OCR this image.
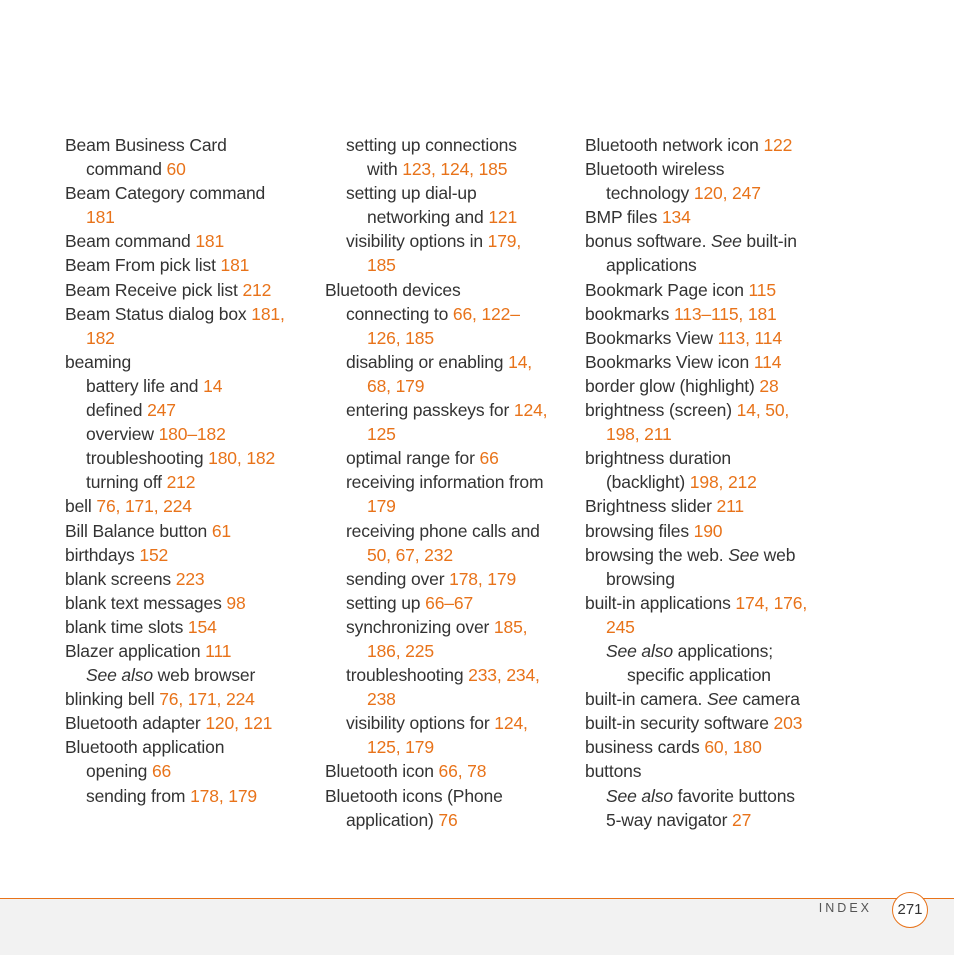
Beam Business Card
command 60
Beam Category command
181
Beam command 181
Beam From pick list 181
Beam Receive pick list 212
Beam Status dialog box 181,
182
beaming
battery life and 14
defined 247
overview 180–182
troubleshooting 180, 182
turning off 212
bell 76, 171, 224
Bill Balance button 61
birthdays 152
blank screens 223
blank text messages 98
blank time slots 154
Blazer application 111
See also web browser
blinking bell 76, 171, 224
Bluetooth adapter 120, 121
Bluetooth application
opening 66
sending from 178, 179
setting up connections
with 123, 124, 185
setting up dial-up
networking and 121
visibility options in 179,
185
Bluetooth devices
connecting to 66, 122–
126, 185
disabling or enabling 14,
68, 179
entering passkeys for 124,
125
optimal range for 66
receiving information from
179
receiving phone calls and
50, 67, 232
sending over 178, 179
setting up 66–67
synchronizing over 185,
186, 225
troubleshooting 233, 234,
238
visibility options for 124,
125, 179
Bluetooth icon 66, 78
Bluetooth icons (Phone
application) 76
Bluetooth network icon 122
Bluetooth wireless
technology 120, 247
BMP files 134
bonus software. See built-in
applications
Bookmark Page icon 115
bookmarks 113–115, 181
Bookmarks View 113, 114
Bookmarks View icon 114
border glow (highlight) 28
brightness (screen) 14, 50,
198, 211
brightness duration
(backlight) 198, 212
Brightness slider 211
browsing files 190
browsing the web. See web
browsing
built-in applications 174, 176,
245
See also applications;
specific application
built-in camera. See camera
built-in security software 203
business cards 60, 180
buttons
See also favorite buttons
5-way navigator 27
INDEX	271
